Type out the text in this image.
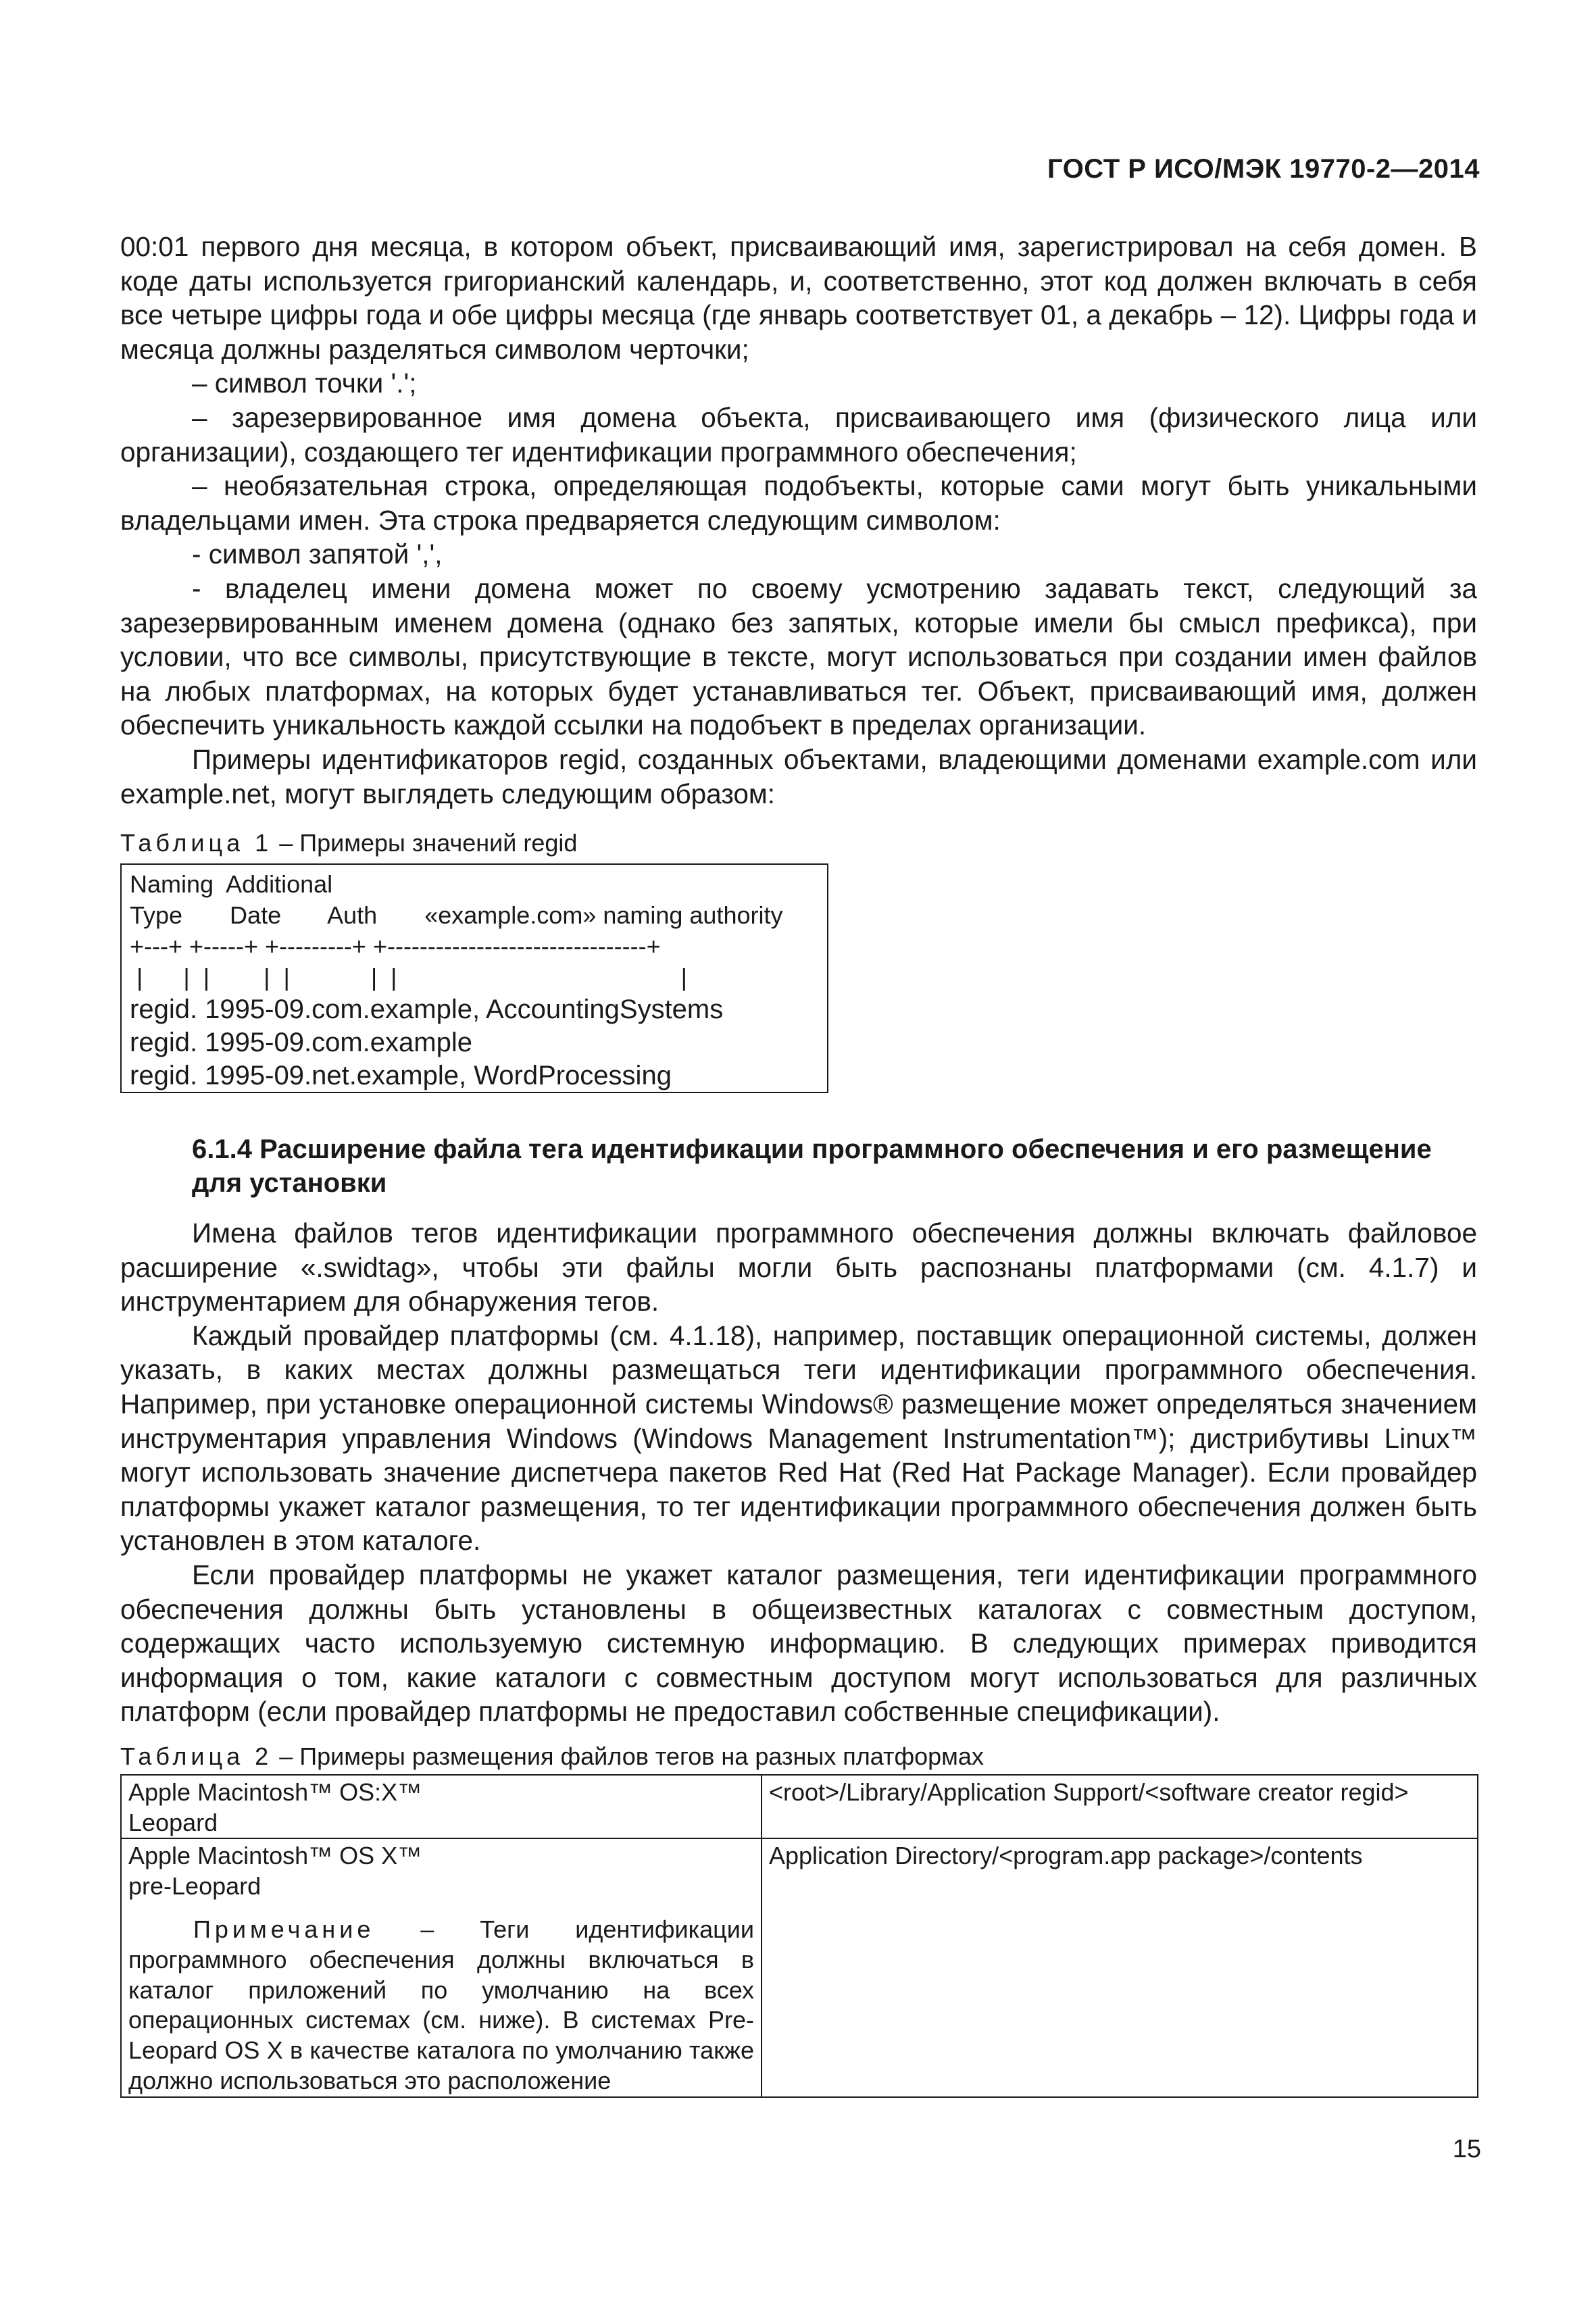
ГОСТ Р ИСО/МЭК 19770-2—2014

00:01 первого дня месяца, в котором объект, присваивающий имя, зарегистрировал на себя домен. В коде даты используется григорианский календарь, и, соответственно, этот код должен включать в себя все четыре цифры года и обе цифры месяца (где январь соответствует 01, а декабрь – 12). Цифры года и месяца должны разделяться символом черточки;

– символ точки '.';

– зарезервированное имя домена объекта, присваивающего имя (физического лица или организации), создающего тег идентификации программного обеспечения;

– необязательная строка, определяющая подобъекты, которые сами могут быть уникальными владельцами имен. Эта строка предваряется следующим символом:

- символ запятой ',',

- владелец имени домена может по своему усмотрению задавать текст, следующий за зарезервированным именем домена (однако без запятых, которые имели бы смысл префикса), при условии, что все символы, присутствующие в тексте, могут использоваться при создании имен файлов на любых платформах, на которых будет устанавливаться тег. Объект, присваивающий имя, должен обеспечить уникальность каждой ссылки на подобъект в пределах организации.

Примеры идентификаторов regid, созданных объектами, владеющими доменами example.com или example.net, могут выглядеть следующим образом:

Таблица 1 – Примеры значений regid
Naming  Additional
Type       Date       Auth       «example.com» naming authority
+---+ +-----+ +---------+ +--------------------------------+
|      |  |        |  |            |  |                                          |
regid. 1995-09.com.example, AccountingSystems
regid. 1995-09.com.example
regid. 1995-09.net.example, WordProcessing
6.1.4 Расширение файла тега идентификации программного обеспечения и его размещение для установки

Имена файлов тегов идентификации программного обеспечения должны включать файловое расширение «.swidtag», чтобы эти файлы могли быть распознаны платформами (см. 4.1.7) и инструментарием для обнаружения тегов.

Каждый провайдер платформы (см. 4.1.18), например, поставщик операционной системы, должен указать, в каких местах должны размещаться теги идентификации программного обеспечения. Например, при установке операционной системы Windows® размещение может определяться значением инструментария управления Windows (Windows Management Instrumentation™); дистрибутивы Linux™ могут использовать значение диспетчера пакетов Red Hat (Red Hat Package Manager). Если провайдер платформы укажет каталог размещения, то тег идентификации программного обеспечения должен быть установлен в этом каталоге.

Если провайдер платформы не укажет каталог размещения, теги идентификации программного обеспечения должны быть установлены в общеизвестных каталогах с совместным доступом, содержащих часто используемую системную информацию. В следующих примерах приводится информация о том, какие каталоги с совместным доступом могут использоваться для различных платформ (если провайдер платформы не предоставил собственные спецификации).

Таблица 2 – Примеры размещения файлов тегов на разных платформах
Apple Macintosh™ OS:X™
Leopard	<root>/Library/Application Support/<software creator regid>

Apple Macintosh™ OS X™
pre-Leopard
Примечание – Теги идентификации программного обеспечения должны включаться в каталог приложений по умолчанию на всех операционных системах (см. ниже). В системах Pre-Leopard OS X в качестве каталога по умолчанию также должно использоваться это расположение	Application Directory/<program.app package>/contents
15
